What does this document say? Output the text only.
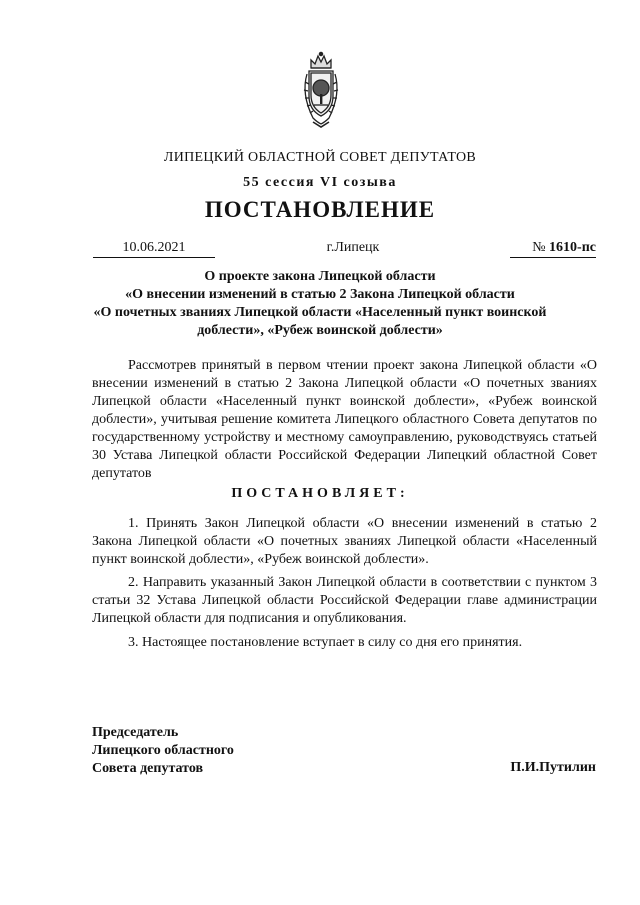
ЛИПЕЦКИЙ ОБЛАСТНОЙ СОВЕТ ДЕПУТАТОВ
55 сессия VI созыва
ПОСТАНОВЛЕНИЕ
10.06.2021	г.Липецк	№ 1610-пс
О проекте закона Липецкой области
«О внесении изменений в статью 2 Закона Липецкой области
«О почетных званиях Липецкой области «Населенный пункт воинской
доблести», «Рубеж воинской доблести»
Рассмотрев принятый в первом чтении проект закона Липецкой области «О внесении изменений в статью 2 Закона Липецкой области «О почетных званиях Липецкой области «Населенный пункт воинской доблести», «Рубеж воинской доблести», учитывая решение комитета Липецкого областного Совета депутатов по государственному устройству и местному самоуправлению, руководствуясь статьей 30 Устава Липецкой области Российской Федерации Липецкий областной Совет депутатов
ПОСТАНОВЛЯЕТ:
1. Принять Закон Липецкой области «О внесении изменений в статью 2 Закона Липецкой области «О почетных званиях Липецкой области «Населенный пункт воинской доблести», «Рубеж воинской доблести».
2. Направить указанный Закон Липецкой области в соответствии с пунктом 3 статьи 32 Устава Липецкой области Российской Федерации главе администрации Липецкой области для подписания и опубликования.
3. Настоящее постановление вступает в силу со дня его принятия.
Председатель
Липецкого областного
Совета депутатов	П.И.Путилин
